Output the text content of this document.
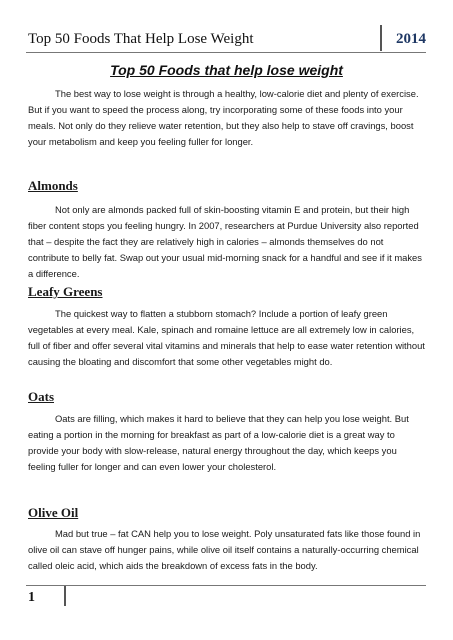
Top 50 Foods That Help Lose Weight	2014
Top 50 Foods that help lose weight
The best way to lose weight is through a healthy, low-calorie diet and plenty of exercise. But if you want to speed the process along, try incorporating some of these foods into your meals. Not only do they relieve water retention, but they also help to stave off cravings, boost your metabolism and keep you feeling fuller for longer.
Almonds
Not only are almonds packed full of skin-boosting vitamin E and protein, but their high fiber content stops you feeling hungry. In 2007, researchers at Purdue University also reported that – despite the fact they are relatively high in calories – almonds themselves do not contribute to belly fat. Swap out your usual mid-morning snack for a handful and see if it makes a difference.
Leafy Greens
The quickest way to flatten a stubborn stomach? Include a portion of leafy green vegetables at every meal. Kale, spinach and romaine lettuce are all extremely low in calories, full of fiber and offer several vital vitamins and minerals that help to ease water retention without causing the bloating and discomfort that some other vegetables might do.
Oats
Oats are filling, which makes it hard to believe that they can help you lose weight. But eating a portion in the morning for breakfast as part of a low-calorie diet is a great way to provide your body with slow-release, natural energy throughout the day, which keeps you feeling fuller for longer and can even lower your cholesterol.
Olive Oil
Mad but true – fat CAN help you to lose weight. Poly unsaturated fats like those found in olive oil can stave off hunger pains, while olive oil itself contains a naturally-occurring chemical called oleic acid, which aids the breakdown of excess fats in the body.
1
